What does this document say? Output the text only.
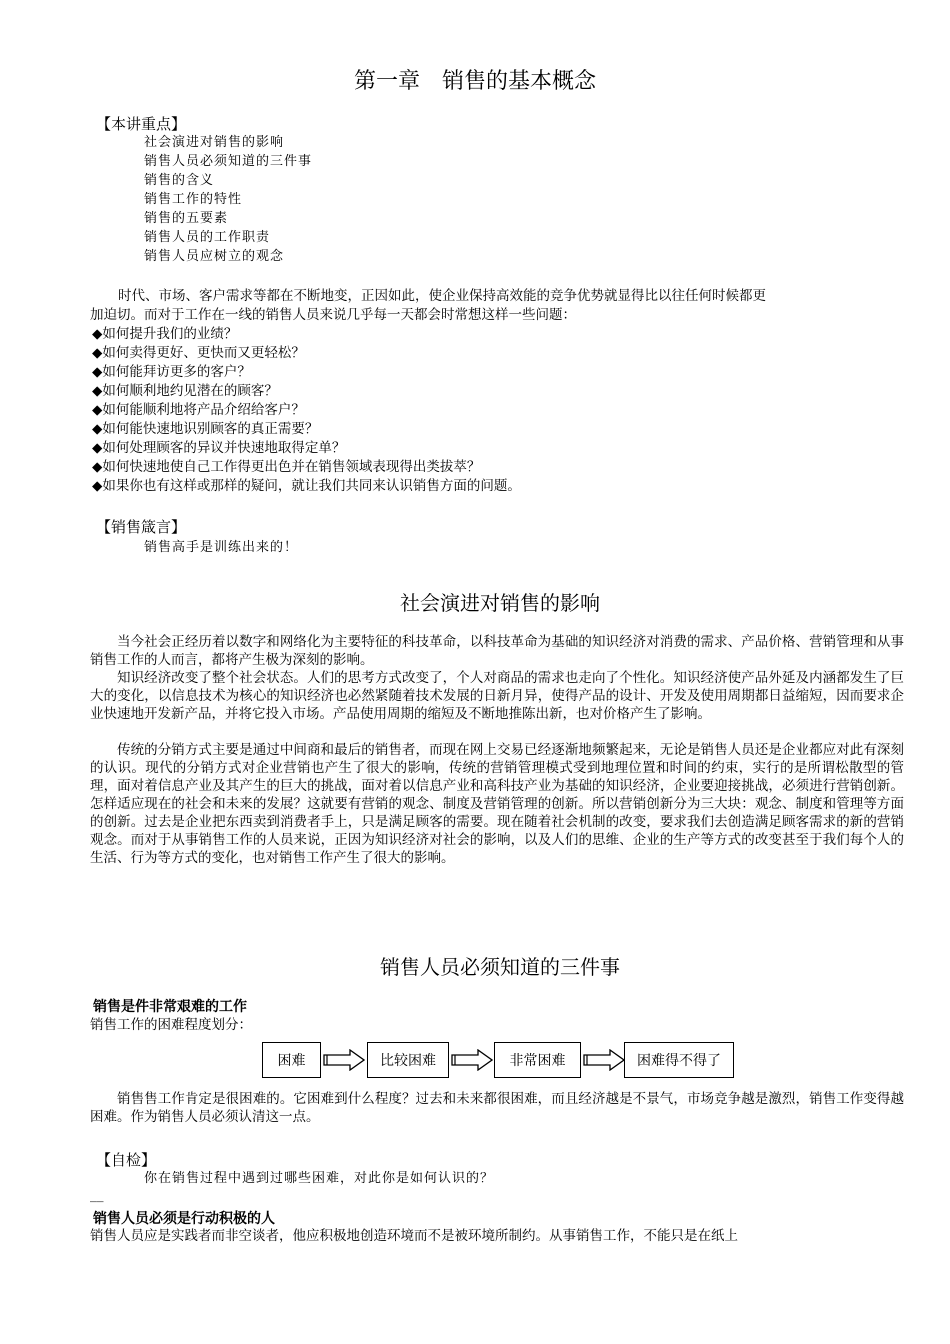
第一章　销售的基本概念
【本讲重点】
社会演进对销售的影响
销售人员必须知道的三件事
销售的含义
销售工作的特性
销售的五要素
销售人员的工作职责
销售人员应树立的观念
时代、市场、客户需求等都在不断地变，正因如此，使企业保持高效能的竞争优势就显得比以往任何时候都更
加迫切。而对于工作在一线的销售人员来说几乎每一天都会时常想这样一些问题：
◆如何提升我们的业绩？
◆如何卖得更好、更快而又更轻松？
◆如何能拜访更多的客户？
◆如何顺利地约见潜在的顾客？
◆如何能顺利地将产品介绍给客户？
◆如何能快速地识别顾客的真正需要？
◆如何处理顾客的异议并快速地取得定单？
◆如何快速地使自己工作得更出色并在销售领域表现得出类拔萃？
◆如果你也有这样或那样的疑问，就让我们共同来认识销售方面的问题。
【销售箴言】
销售高手是训练出来的！
社会演进对销售的影响
当今社会正经历着以数字和网络化为主要特征的科技革命，以科技革命为基础的知识经济对消费的需求、产品价格、营销管理和从事销售工作的人而言，都将产生极为深刻的影响。
知识经济改变了整个社会状态。人们的思考方式改变了，个人对商品的需求也走向了个性化。知识经济使产品外延及内涵都发生了巨大的变化，以信息技术为核心的知识经济也必然紧随着技术发展的日新月异，使得产品的设计、开发及使用周期都日益缩短，因而要求企业快速地开发新产品，并将它投入市场。产品使用周期的缩短及不断地推陈出新，也对价格产生了影响。
传统的分销方式主要是通过中间商和最后的销售者，而现在网上交易已经逐渐地频繁起来，无论是销售人员还是企业都应对此有深刻的认识。现代的分销方式对企业营销也产生了很大的影响，传统的营销管理模式受到地理位置和时间的约束，实行的是所谓松散型的管理，面对着信息产业及其产生的巨大的挑战，面对着以信息产业和高科技产业为基础的知识经济，企业要迎接挑战，必须进行营销创新。怎样适应现在的社会和未来的发展？这就要有营销的观念、制度及营销管理的创新。所以营销创新分为三大块：观念、制度和管理等方面的创新。过去是企业把东西卖到消费者手上，只是满足顾客的需要。现在随着社会机制的改变，要求我们去创造满足顾客需求的新的营销观念。而对于从事销售工作的人员来说，正因为知识经济对社会的影响，以及人们的思维、企业的生产等方式的改变甚至于我们每个人的生活、行为等方式的变化，也对销售工作产生了很大的影响。
销售人员必须知道的三件事
销售是件非常艰难的工作
销售工作的困难程度划分：
困难	比较困难	非常困难	困难得不得了
销售售工作肯定是很困难的。它困难到什么程度？过去和未来都很困难，而且经济越是不景气，市场竞争越是激烈，销售工作变得越困难。作为销售人员必须认清这一点。
【自检】
你在销售过程中遇到过哪些困难，对此你是如何认识的？
__
销售人员必须是行动积极的人
销售人员应是实践者而非空谈者，他应积极地创造环境而不是被环境所制约。从事销售工作，不能只是在纸上
